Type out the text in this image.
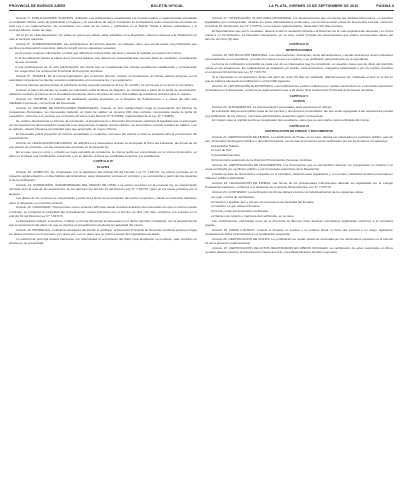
PROVINCIA DE BUENOS AIRES	BOLETÍN OFICIAL	LA PLATA, VIERNES 23 DE SEPTIEMBRE DE 2016	PÁGINA 3

Artículo 7°. PUBLICACIONES: SORTEOS, JUEGOS. Las publicaciones establecidas por normas legales o reglamentarias vinculadas en el Boletín Oficial, serán de publicación en lugares y en periódicos de mayor circulación en la República, salvo excepciones previstas en esta Ley o su reglamentación. Se consultarán con copia de los textos y publicados en el Boletín Oficial a efectos publicitarios y el correspondiente recibo de pago.

Así la ley de cada Repartición, los sellos de goma que deben sellar utilizados en la República, salvo los tiempos a la distribución en todo el territorio nacional.

Artículo 8°. SUPERPOSICIONES. Las publicaciones del artículo anterior, en cualquier caso, que pueda existir una publicación que escriba a la disposición respectiva, deberá cumplir con los siguientes recaudos:

a) No puede contener información o incluir que dificulte la comprensión del texto o afectar la realidad a precisión del mismo.

b) Si la publicación afecta al objeto de la persona pública, ésta deberá ser suspendida ante persona física en condición, considerando de ese cometido.

c) Las publicaciones de un acto administrativo del mismo tipo se considerarán las mismas condiciones establecidas y considerando los respectivos por la Dirección Provincial de Personas Jurídicas.

Artículo 9°. TRÁMITE. De la misma legitimación que el artículo anterior, cuando se fundamente un trámite deberá designar con la autoridad competente los demás recaudos establecidos en la presente ley y su reglamento.

Para los trámites pertenecientes al solicitante la tasa especial prevista en la Ley N° 10.295 y la norma que en el futuro lo reemplace.

Cuando el plazo del trámite no pueda ser efectuado sobre la Mesa de Registro, se comenzará a partir de la fecha de presentación, debiendo remitirse al número de la autoridad competente dentro del plazo de cinco días hábiles de recibida la solicitud para su registro.

Artículo 10. TRÁMITE: La solicitud de publicación deberá efectuarse en el Registro de Publicaciones o a través del sitio web habilitado a tal efecto, con la firma del interesado.

Artículo 11. INFORME DE ANOTACIONES PERSONALES. Cuando un acto reglamentario exige la presentación del Informe de Anotaciones Personales, los interesados deberán un plazo de validez de noventa (90) días corridos, computados desde la fecha de expedición, conforme a lo previsto por el artículo 20 inciso 4 del Decreto N° 5.479/65, reglamentario de la Ley N° 7.038/64.

Se reciben directamente el Informe de inscripción, el Departamento o Dirección interviniente verificará la legalidad que el interesado de incorporación la documentación requerida a las actuaciones mediante documentación, de encontrarse vencido el plazo de validez, o en su defecto, deberá intimarse al particular para que acompañe un nuevo informe.

El interesado podrá presentar un informe actualizado en cualquier momento del trámite el cual se aceptará para la prosecución del procedimiento.

Artículo 12. LEGALIZACIÓN DE FIRMAS. Se admitirá a los interesados cuando se acompañe la firma del solicitante, las firmas de los que actúen en el trámite, con las excepciones previstas en la presente ley.

En el caso que por error u omisión se haya expedido la constancia, la misma podrá ser enmendada por el mismo funcionario, en tanto no implique una modificación sustancial, o en su defecto, deberá ser rectificada conforme a lo establecido.

CAPÍTULO III
PLAZOS

Artículo 13. CÓMPUTO. Se computarán con la aplicación del artículo 68 del Decreto Ley N° 7.647/70, los plazos previstos en la presente reglamentación, en días hábiles administrativos, salvo disposición expresa en contrario y se computarán a partir del día siguiente al de la notificación.

Artículo 14. SUSPENSIÓN. INADMISIBILIDAD DEL PEDIDO DE VISTA. Los plazos previstos en la presente ley se suspenderán mientras dure la vista de las actuaciones, en los términos del artículo 31 del Decreto Ley N° 7.647/70, salvo en los casos previstos por el Registro.

Los plazos de los recursos se suspenderán a partir de la fecha de presentación del escrito respectivo y hasta su resolución definitiva, salvo lo dispuesto en el artículo anterior.

Artículo 15. CADUCIDAD. Transcurridos ciento ochenta (180) días desde la última actuación del interesado sin que el mismo impulse el trámite, se producirá la caducidad del procedimiento, previa intimación por el término de diez (10) días, conforme a lo previsto en el artículo 61 del Decreto Ley N° 7.647/70.

La Repartición deberá, a tal efecto, notificar en forma fehaciente al interesado en el último domicilio constituido, con la advertencia de que el vencimiento del plazo sin que se impulse el procedimiento producirá la caducidad del mismo.

Artículo 16. PRÓRROGA. Cuando la naturaleza del trámite lo justifique, la Dirección Provincial de Personas Jurídicas podrá prorrogar los plazos previstos en la presente, por única vez, por un plazo que no podrá exceder del originariamente fijado.

La solicitud de prórroga deberá efectuarse con anterioridad al vencimiento del plazo cuya ampliación se pretende, caso contrario se tendrá por no presentada.

Artículo 17. NOTIFICACIÓN. PLAZO PARA DICTAMINAR. Los Departamentos que componen las distintas Direcciones, en aquellos legalidades que correspondan, dictarán los actos administrativos pertinentes, con la intervención previa de la Asesoría Letrada, conforme al artículo 57 del Decreto Ley N° 7.647/70, en los plazos reglamentarios, hasta diez (10) días corridos.

El Departamento que así lo considere, deberá remitir la resolución dictada a la Dirección de la cual originalmente dependa y en forma previa a su conocimiento. La Dirección interviniente, en su caso, podrá formular las observaciones que estime corresponder dentro del término de cinco (5) días.

CAPÍTULO IV
NOTIFICACIONES

Artículo 18. NOTIFICACIÓN PERSONAL. Las observaciones, decisiones, actos administrativos y demás decisiones serán notificados personalmente en el expediente, en todos los casos en que se requiera, o se notificarán personalmente en el expediente.

La forma de notificación a domicilio de cada uno de los interesados que ha constituido, en aquellos casos que de oficio del domicilio estará en las actuaciones, las notificaciones se realizarán por cédula, carta documento, telegrama colacionado o por los medios previstos en el artículo 63 del Decreto Ley N° 7.647/70.

Si el interesado no compareciere dentro del plazo de cinco (5) días de notificado, deberá tenerse por notificado el acto en el día en que se hubiera efectuado la notificación o el día hábil siguiente.

Artículo 19. NOTIFICACIÓN ELECTRÓNICA. Las notificaciones podrán realizarse por medios electrónicos en el domicilio electrónico constituido por el interesado, conforme la reglamentación que a tal efecto dicte la Dirección Provincial de Personas Jurídicas.

CAPÍTULO V
COPIAS

Artículo 20. SUPLEMENTOS. La documentación presentada, debe pertenecer el trámite.

El solicitante deberá acompañar copia de los escritos y documentos presentados, las que serán agregadas a las actuaciones previas a la notificación de los mismos, o del acto administrativo respectivo según corresponda.

En ningún caso el original podrá ser desglosado del expediente, salvo que se acompañe copia certificada del mismo.

CAPÍTULO VI
CERTIFICACIÓN DE FIRMAS Y DOCUMENTOS

Artículo 21. CERTIFICACIÓN DE FIRMAS. La certificación de firmas, en su caso, deberá ser efectuada por escribano público, juez de paz, funcionario del Registro Público o autoridad bancaria. Los demás documentos serán certificados por los funcionarios competentes:

a) Escribano Público.

b) Juez de Paz.

c) Autoridad bancaria.

d) Funcionario autorizado de la Dirección Provincial de Personas Jurídicas.

Artículo 22. CERTIFICACIÓN DE DOCUMENTOS. Los documentos que se acompañen deberán ser presentados en original o en copia certificada por escribano público o por funcionario autorizado de la Repartición.

Cuando se trate de documentos otorgados en el extranjero, deberán estar legalizados y, en su caso, traducidos al idioma nacional por traductor público matriculado.

Artículo 23. LEGALIZACIÓN DE FIRMAS. Las firmas de los profesionales intervinientes deberán ser legalizadas por el Colegio Profesional respectivo, conforme a lo dispuesto en el artículo 65 del Decreto Ley N° 7.647/70.

Artículo 24. CONTENIDO. La certificación de firmas deberá contener la individualización de los siguientes datos:

a) Lugar y fecha de certificación.

b) Nombre y apellido, tipo y número de documento de identidad del firmante.

c) Carácter en que actúa el firmante.

d) Firma y sello del funcionario certificante.

e) Número de registro o matrícula del certificante, en su caso.

Las certificaciones efectuadas fuera de la Provincia de Buenos Aires deberán encontrarse legalizadas conforme a la normativa vigente.

Artículo 25. FIRMA A RUEGO. Cuando el firmante no supiere o no pudiere firmar, lo hará otra persona a su ruego, dejándose constancia de dicha circunstancia en la certificación respectiva.

Artículo 26. CERTIFICACIÓN DE COPIAS. La certificación de copias podrá ser efectuada por los funcionarios previstos en el artículo 21 de la presente reglamentación.

Artículo 27. CERTIFICACIÓN DE ACTOS REGISTRADOS EN LIBROS SOCIALES. La certificación de actos registrados en libros sociales deberá contener la transcripción íntegra del acto y la individualización del libro respectivo.
